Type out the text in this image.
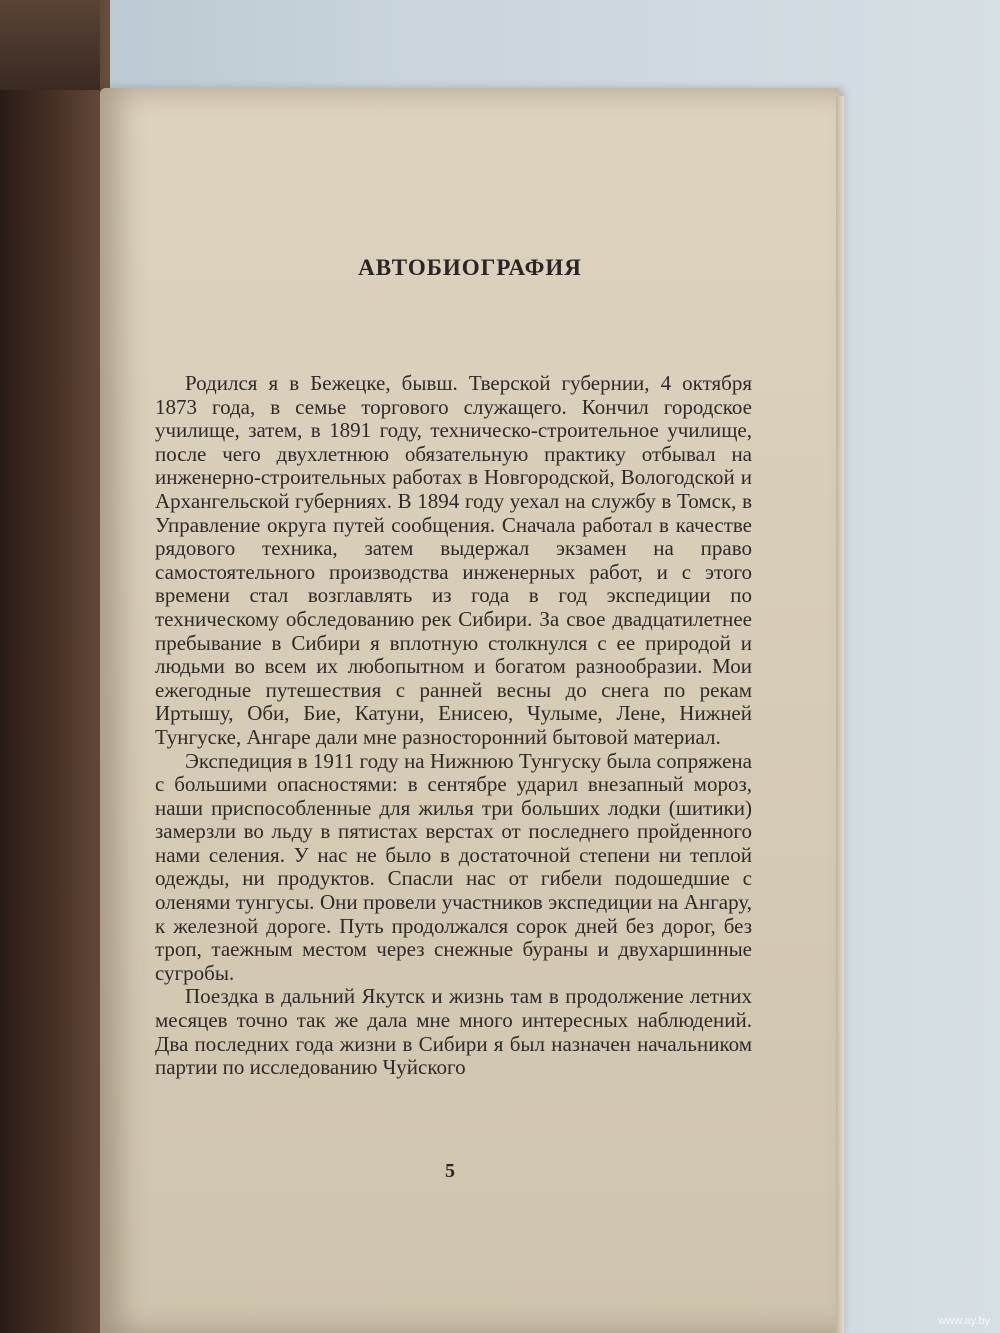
АВТОБИОГРАФИЯ

Родился я в Бежецке, бывш. Тверской губернии, 4 октября 1873 года, в семье торгового служащего. Кончил городское училище, затем, в 1891 году, техническо-строительное училище, после чего двухлетнюю обязательную практику отбывал на инженерно-строительных работах в Новгородской, Вологодской и Архангельской губерниях. В 1894 году уехал на службу в Томск, в Управление округа путей сообщения. Сначала работал в качестве рядового техника, затем выдержал экзамен на право самостоятельного производства инженерных работ, и с этого времени стал возглавлять из года в год экспедиции по техническому обследованию рек Сибири. За свое двадцатилетнее пребывание в Сибири я вплотную столкнулся с ее природой и людьми во всем их любопытном и богатом разнообразии. Мои ежегодные путешествия с ранней весны до снега по рекам Иртышу, Оби, Бие, Катуни, Енисею, Чулыме, Лене, Нижней Тунгуске, Ангаре дали мне разносторонний бытовой материал.

Экспедиция в 1911 году на Нижнюю Тунгуску была сопряжена с большими опасностями: в сентябре ударил внезапный мороз, наши приспособленные для жилья три больших лодки (шитики) замерзли во льду в пятистах верстах от последнего пройденного нами селения. У нас не было в достаточной степени ни теплой одежды, ни продуктов. Спасли нас от гибели подошедшие с оленями тунгусы. Они провели участников экспедиции на Ангару, к железной дороге. Путь продолжался сорок дней без дорог, без троп, таежным местом через снежные бураны и двухаршинные сугробы.

Поездка в дальний Якутск и жизнь там в продолжение летних месяцев точно так же дала мне много интересных наблюдений. Два последних года жизни в Сибири я был назначен начальником партии по исследованию Чуйского

5
www.ay.by
